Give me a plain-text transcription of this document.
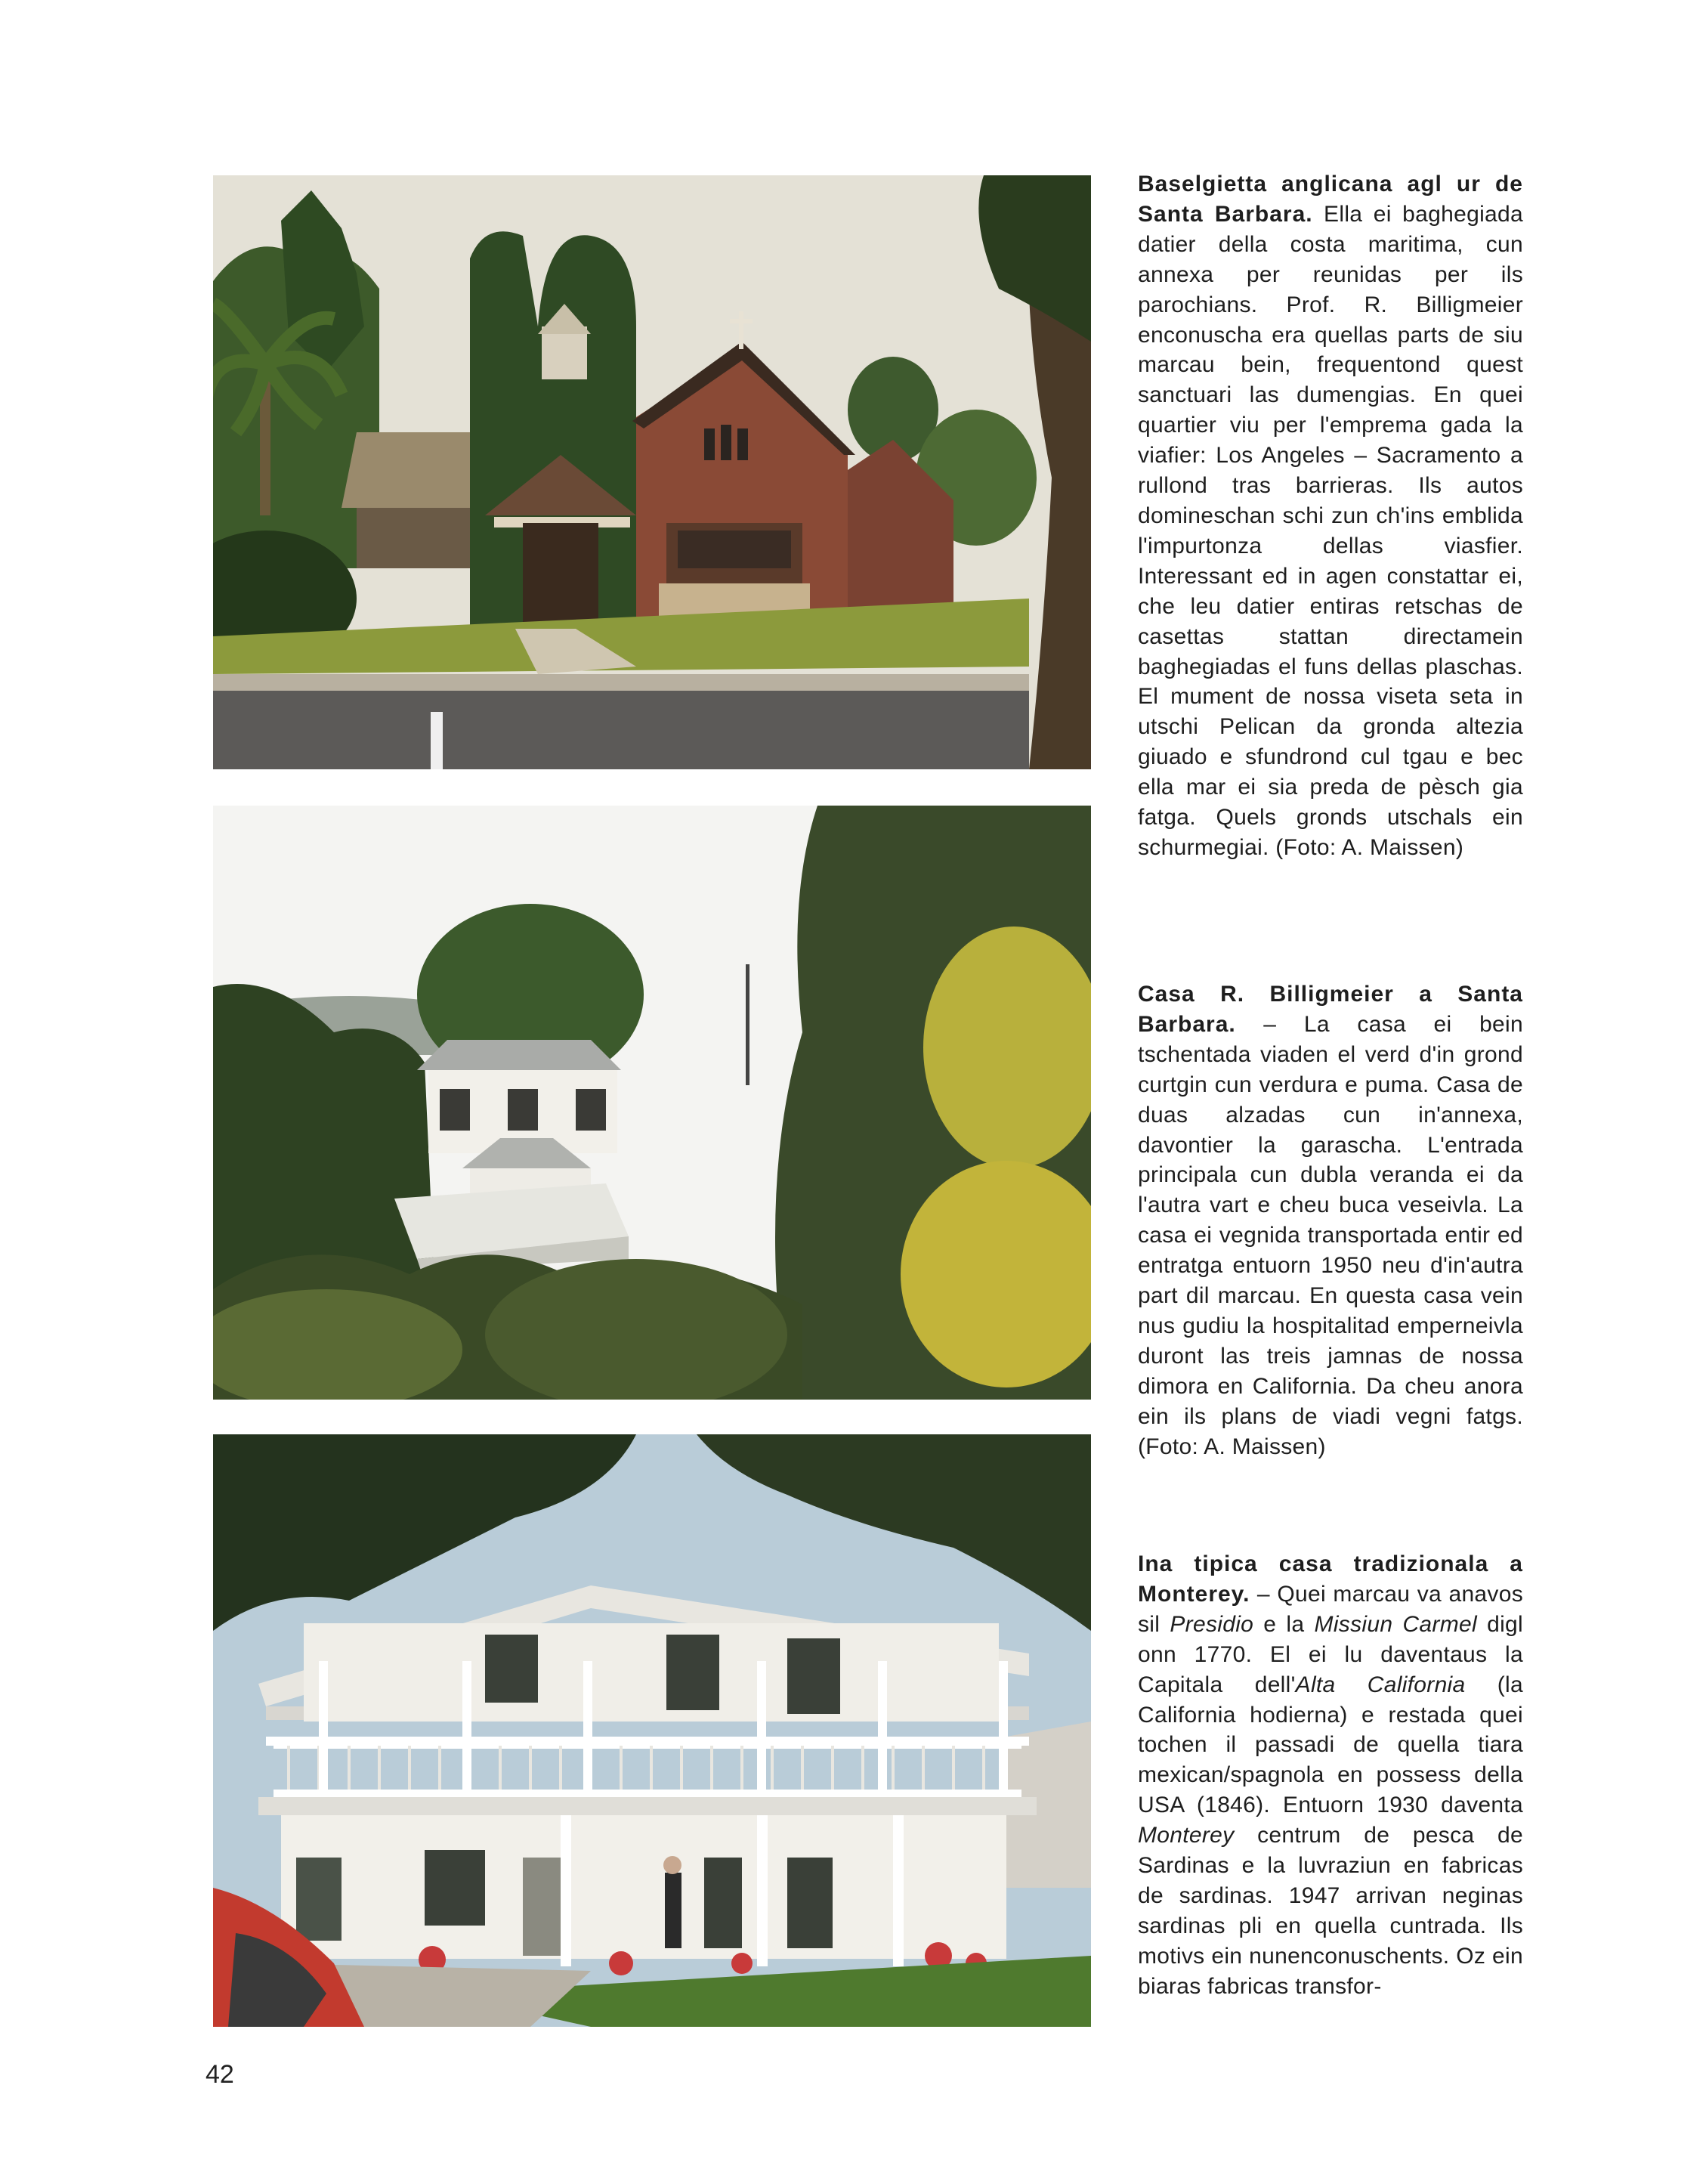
Baselgietta anglicana agl ur de Santa Barbara. Ella ei baghegiada datier della costa maritima, cun annexa per reunidas per ils parochians. Prof. R. Billigmeier enconuscha era quellas parts de siu marcau bein, frequentond quest sanctuari las dumengias. En quei quartier viu per l'emprema gada la viafier: Los Angeles – Sacramento a rullond tras barrieras. Ils autos domineschan schi zun ch'ins emblida l'impurtonza dellas viasfier. Interessant ed in agen constattar ei, che leu datier entiras retschas de casettas stattan directamein baghegiadas el funs dellas plaschas. El mument de nossa viseta seta in utschi Pelican da gronda altezia giuado e sfundrond cul tgau e bec ella mar ei sia preda de pèsch gia fatga. Quels gronds utschals ein schurmegiai. (Foto: A. Maissen)
Casa R. Billigmeier a Santa Barbara. – La casa ei bein tschentada viaden el verd d'in grond curtgin cun verdura e puma. Casa de duas alzadas cun in'annexa, davontier la garascha. L'entrada principala cun dubla veranda ei da l'autra vart e cheu buca veseivla. La casa ei vegnida transportada entir ed entratga entuorn 1950 neu d'in'autra part dil marcau. En questa casa vein nus gudiu la hospitalitad emperneivla duront las treis jamnas de nossa dimora en California. Da cheu anora ein ils plans de viadi vegni fatgs. (Foto: A. Maissen)
Ina tipica casa tradizionala a Monterey. – Quei marcau va anavos sil Presidio e la Missiun Carmel digl onn 1770. El ei lu daventaus la Capitala dell'Alta California (la California hodierna) e restada quei tochen il passadi de quella tiara mexican/spagnola en possess della USA (1846). Entuorn 1930 daventa Monterey centrum de pesca de Sardinas e la luvraziun en fabricas de sardinas. 1947 arrivan neginas sardinas pli en quella cuntrada. Ils motivs ein nunenconuschents. Oz ein biaras fabricas transfor-
42
